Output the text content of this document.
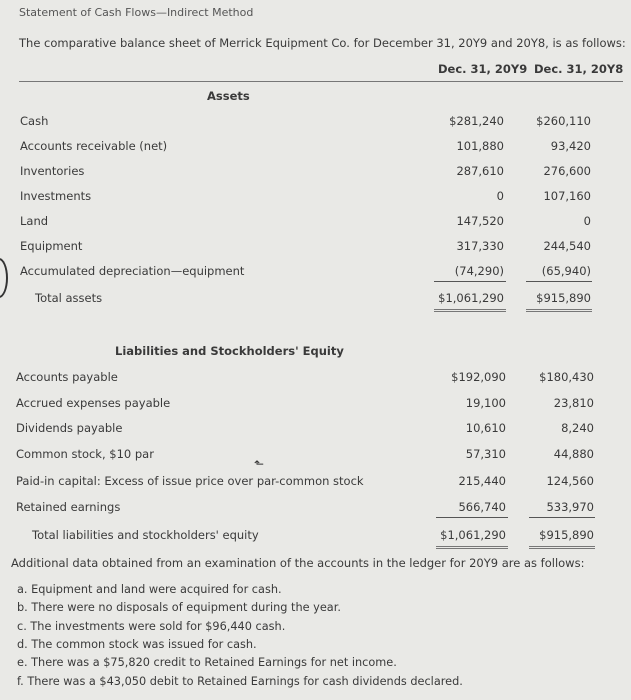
Statement of Cash Flows—Indirect Method
The comparative balance sheet of Merrick Equipment Co. for December 31, 20Y9 and 20Y8, is as follows:
Dec. 31, 20Y9 Dec. 31, 20Y8
Assets
Cash	$281,240	$260,110
Accounts receivable (net)	101,880	93,420
Inventories	287,610	276,600
Investments	0	107,160
Land	147,520	0
Equipment	317,330	244,540
Accumulated depreciation—equipment	(74,290)	(65,940)
Total assets	$1,061,290	$915,890
Liabilities and Stockholders' Equity
Accounts payable	$192,090	$180,430
Accrued expenses payable	19,100	23,810
Dividends payable	10,610	8,240
Common stock, $10 par	57,310	44,880
Paid-in capital: Excess of issue price over par-common stock	215,440	124,560
Retained earnings	566,740	533,970
Total liabilities and stockholders' equity	$1,061,290	$915,890
Additional data obtained from an examination of the accounts in the ledger for 20Y9 are as follows:
a. Equipment and land were acquired for cash.
b. There were no disposals of equipment during the year.
c. The investments were sold for $96,440 cash.
d. The common stock was issued for cash.
e. There was a $75,820 credit to Retained Earnings for net income.
f. There was a $43,050 debit to Retained Earnings for cash dividends declared.
⬑
